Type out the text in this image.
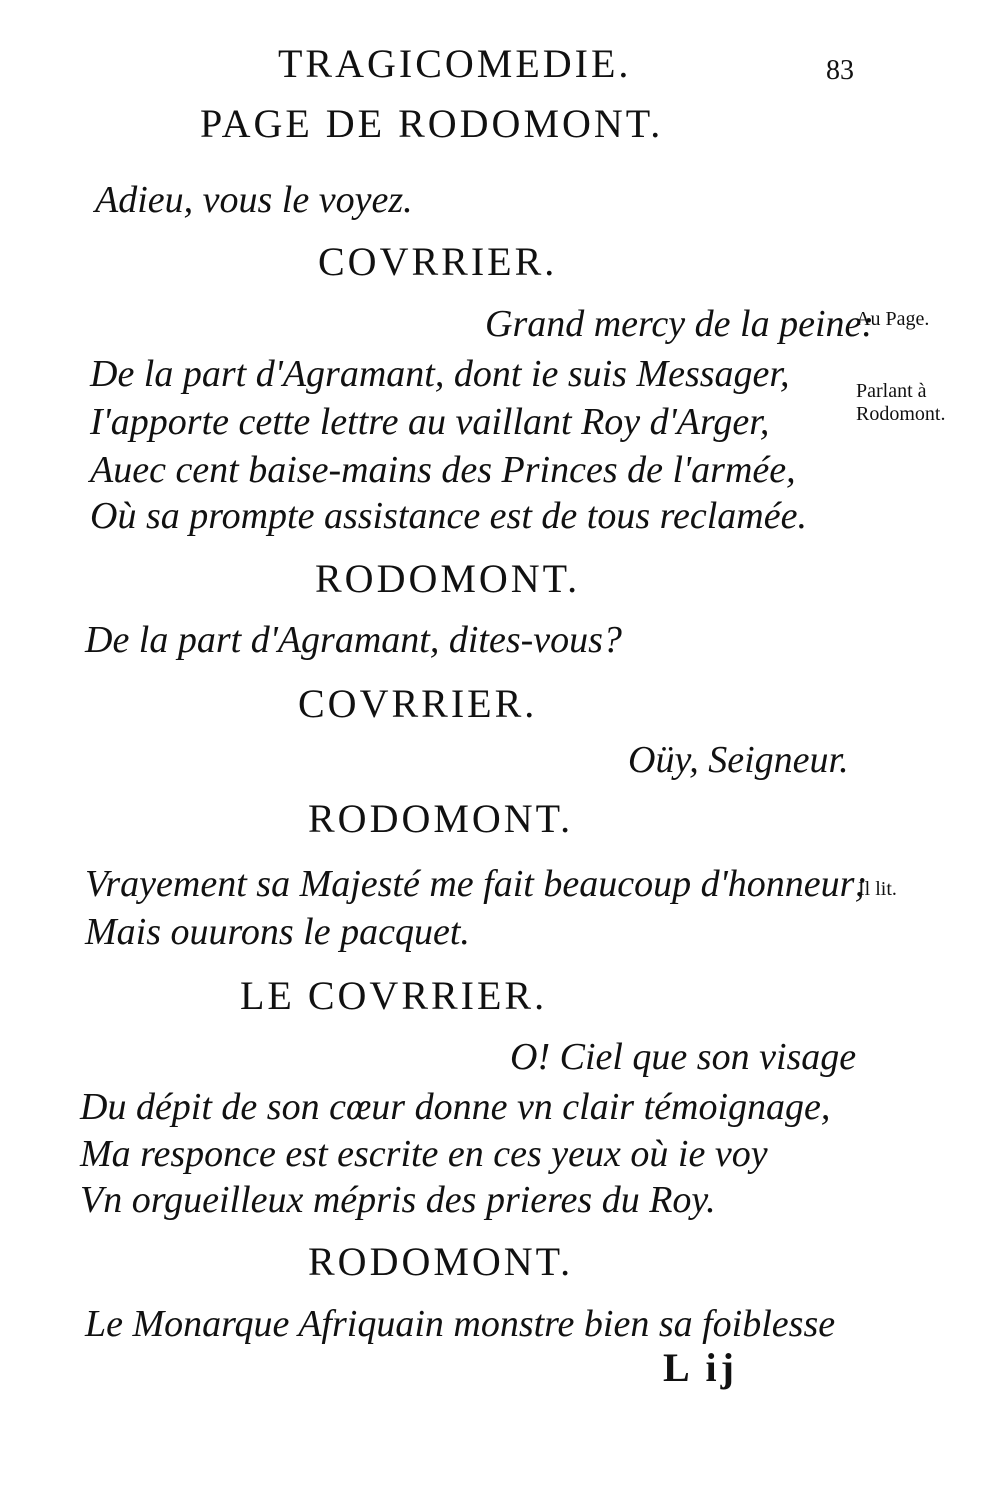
TRAGICOMEDIE.	83
PAGE DE RODOMONT.
Adieu, vous le voyez.
COVRRIER.
Grand mercy de la peine:
De la part d'Agramant, dont ie suis Messager,
I'apporte cette lettre au vaillant Roy d'Arger,
Auec cent baise-mains des Princes de l'armée,
Où sa prompte assistance est de tous reclamée.
Au Page.
Parlant à Rodomont.
RODOMONT.
De la part d'Agramant, dites-vous?
COVRRIER.
Oüy, Seigneur.
RODOMONT.
Vrayement sa Majesté me fait beaucoup d'honneur;
Mais ouurons le pacquet.
Il lit.
LE COVRRIER.
O! Ciel que son visage
Du dépit de son cœur donne vn clair témoignage,
Ma responce est escrite en ces yeux où ie voy
Vn orgueilleux mépris des prieres du Roy.
RODOMONT.
Le Monarque Afriquain monstre bien sa foiblesse
L ij
